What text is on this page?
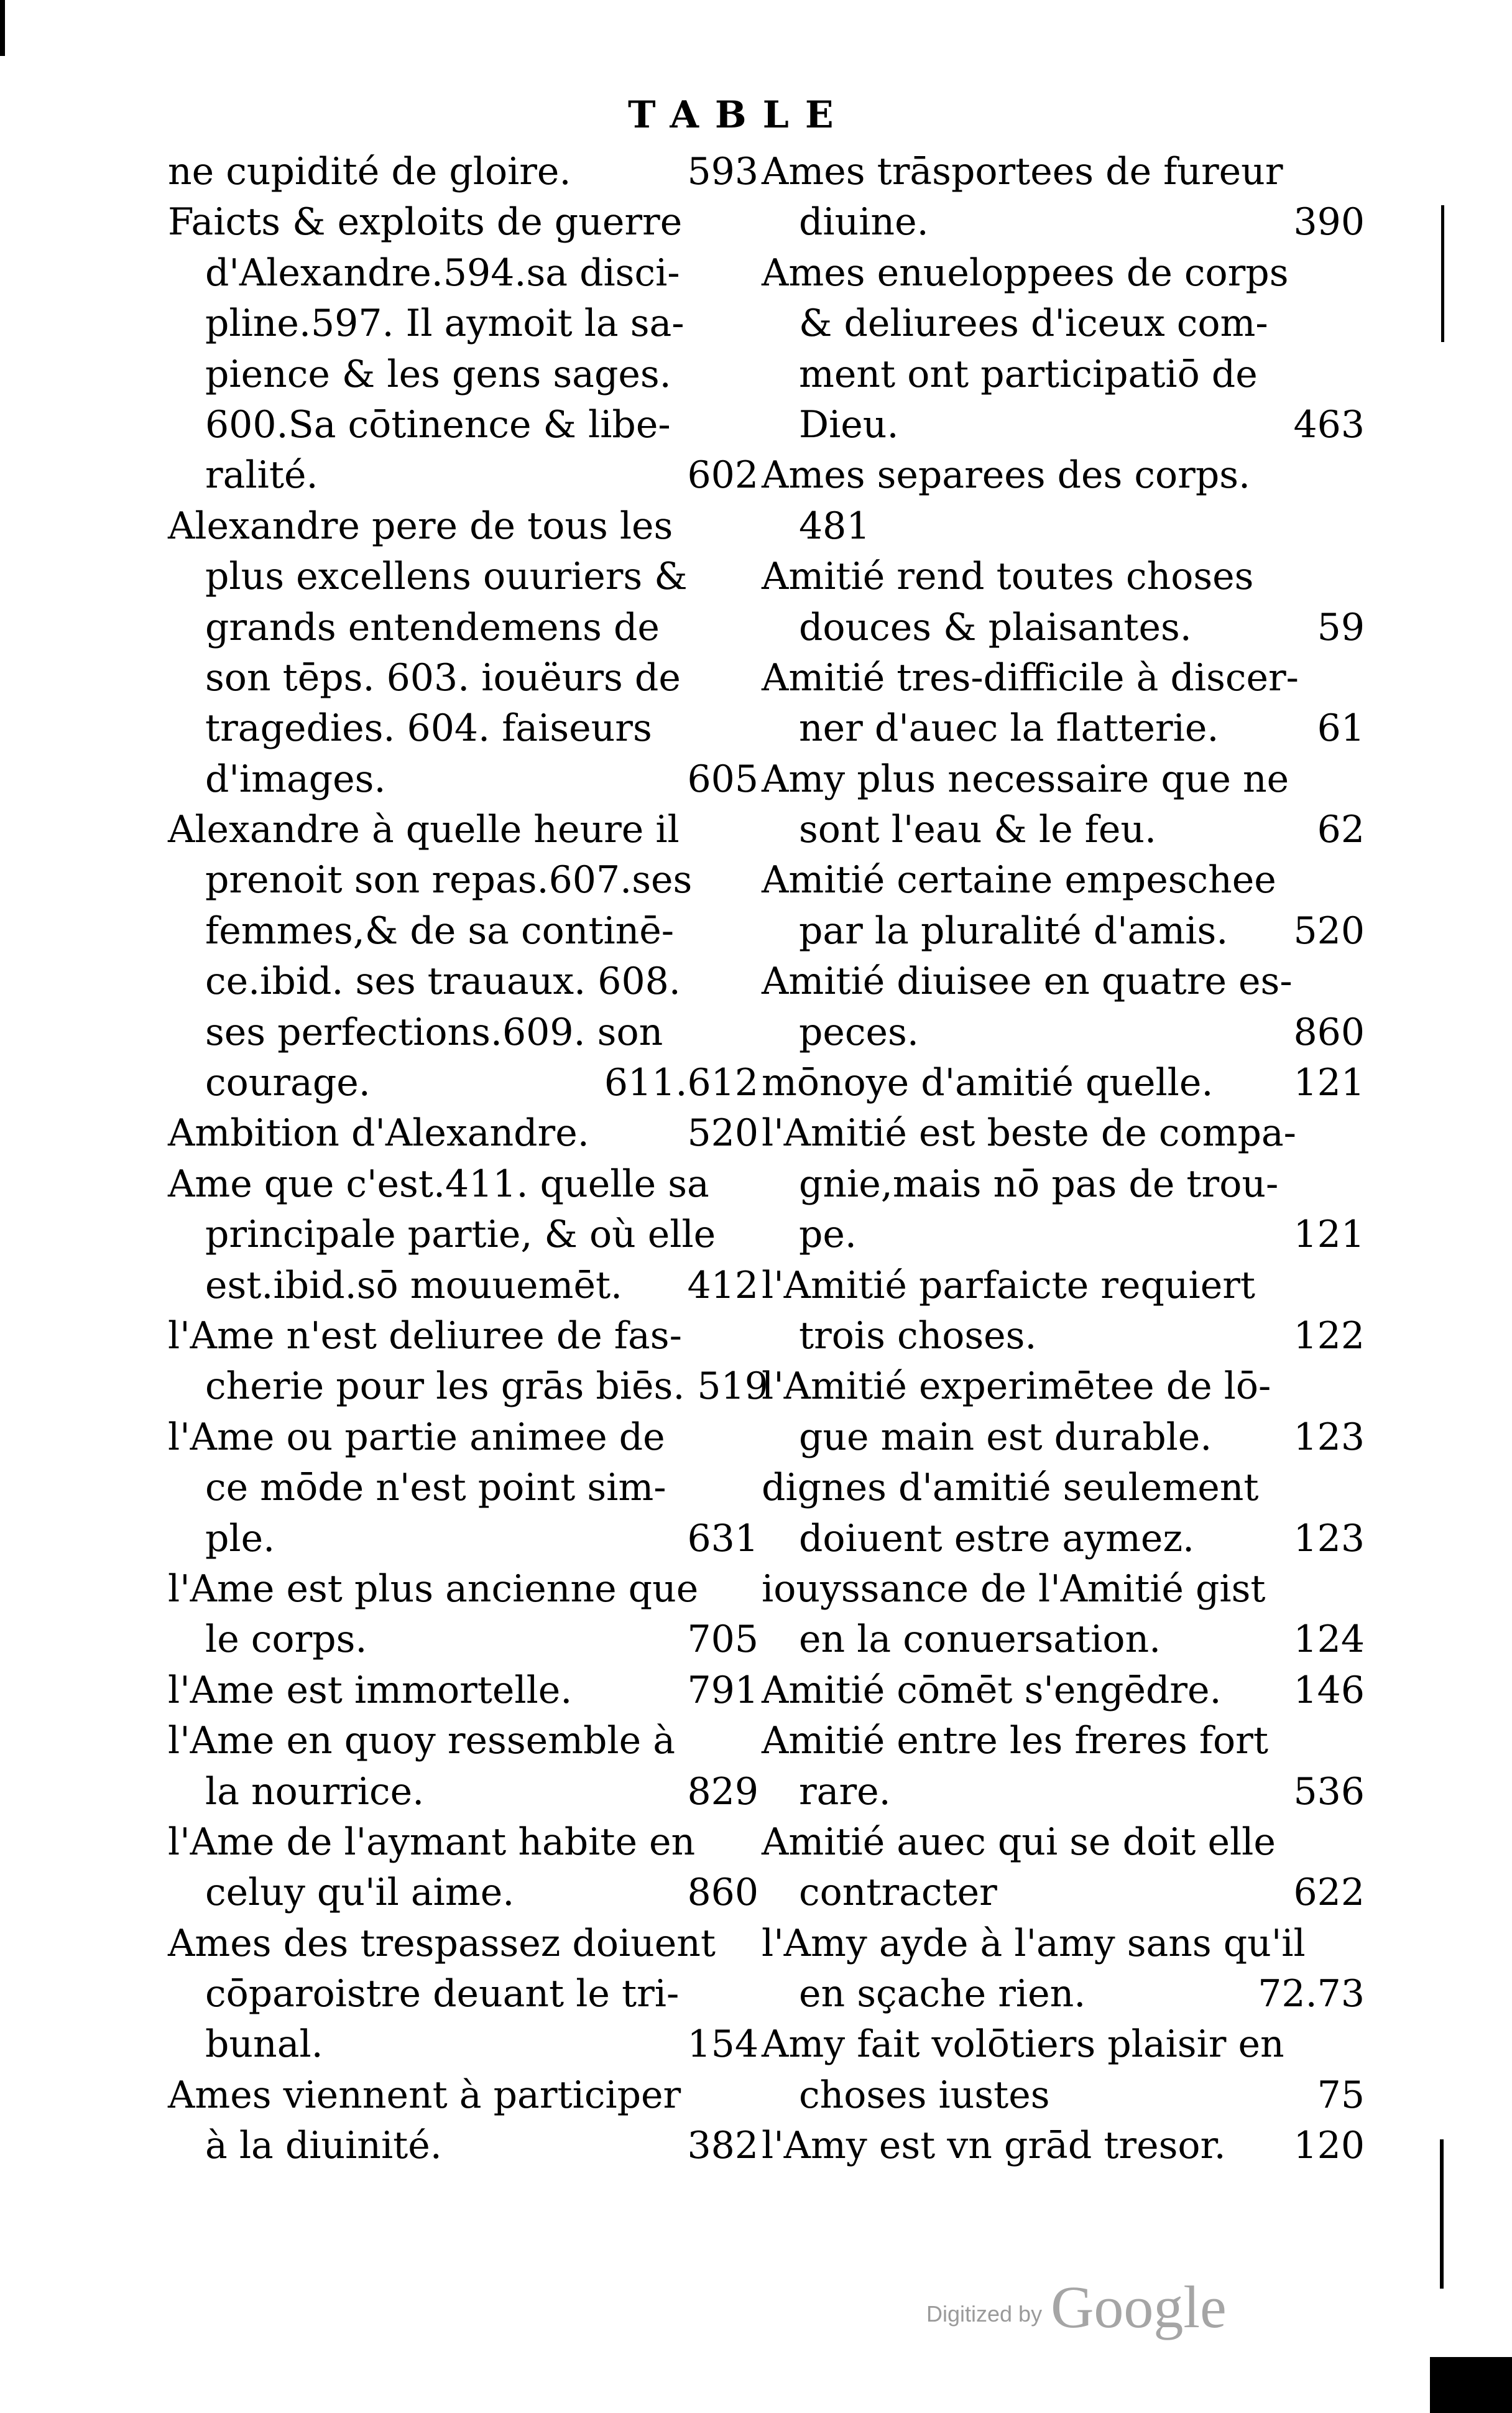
TABLE
ne cupidité de gloire.	593
Faicts & exploits de guerre
d'Alexandre.594.sa disci-
pline.597. Il aymoit la sa-
pience & les gens sages.
600.Sa cōtinence & libe-
ralité.	602
Alexandre pere de tous les
plus excellens ouuriers &
grands entendemens de
son tēps. 603. iouëurs de
tragedies. 604. faiseurs
d'images.	605
Alexandre à quelle heure il
prenoit son repas.607.ses
femmes,& de sa continē-
ce.ibid. ses trauaux. 608.
ses perfections.609. son
courage.	611.612
Ambition d'Alexandre.	520
Ame que c'est.411. quelle sa
principale partie, & où elle
est.ibid.sō mouuemēt.	412
l'Ame n'est deliuree de fas-
cherie pour les grās biēs. 519
l'Ame ou partie animee de
ce mōde n'est point sim-
ple.	631
l'Ame est plus ancienne que
le corps.	705
l'Ame est immortelle.	791
l'Ame en quoy ressemble à
la nourrice.	829
l'Ame de l'aymant habite en
celuy qu'il aime.	860
Ames des trespassez doiuent
cōparoistre deuant le tri-
bunal.	154
Ames viennent à participer
à la diuinité.	382
Ames trāsportees de fureur
diuine.	390
Ames enueloppees de corps
& deliurees d'iceux com-
ment ont participatiō de
Dieu.	463
Ames separees des corps.
481
Amitié rend toutes choses
douces & plaisantes.	59
Amitié tres-difficile à discer-
ner d'auec la flatterie.	61
Amy plus necessaire que ne
sont l'eau & le feu.	62
Amitié certaine empeschee
par la pluralité d'amis.	520
Amitié diuisee en quatre es-
peces.	860
mōnoye d'amitié quelle.	121
l'Amitié est beste de compa-
gnie,mais nō pas de trou-
pe.	121
l'Amitié parfaicte requiert
trois choses.	122
l'Amitié experimētee de lō-
gue main est durable.	123
dignes d'amitié seulement
doiuent estre aymez.	123
iouyssance de l'Amitié gist
en la conuersation.	124
Amitié cōmēt s'engēdre.	146
Amitié entre les freres fort
rare.	536
Amitié auec qui se doit elle
contracter	622
l'Amy ayde à l'amy sans qu'il
en sçache rien.	72.73
Amy fait volōtiers plaisir en
choses iustes	75
l'Amy est vn grād tresor.	120
Digitized by Google
